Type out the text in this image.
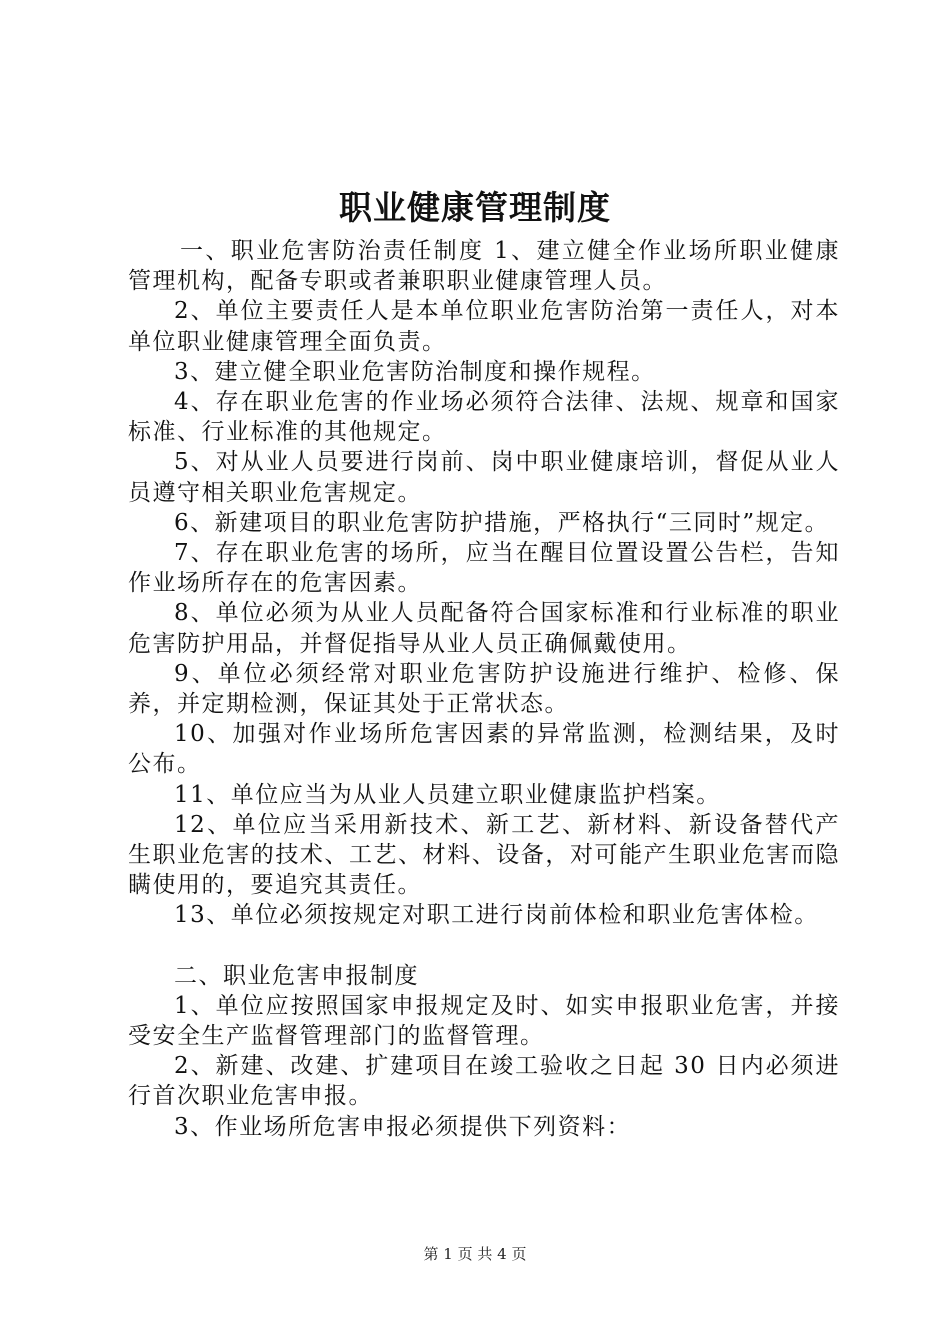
职业健康管理制度

一、职业危害防治责任制度 1、建立健全作业场所职业健康管理机构，配备专职或者兼职职业健康管理人员。

2、单位主要责任人是本单位职业危害防治第一责任人，对本单位职业健康管理全面负责。

3、建立健全职业危害防治制度和操作规程。

4、存在职业危害的作业场必须符合法律、法规、规章和国家标准、行业标准的其他规定。

5、对从业人员要进行岗前、岗中职业健康培训，督促从业人员遵守相关职业危害规定。

6、新建项目的职业危害防护措施，严格执行“三同时”规定。

7、存在职业危害的场所，应当在醒目位置设置公告栏，告知作业场所存在的危害因素。

8、单位必须为从业人员配备符合国家标准和行业标准的职业危害防护用品，并督促指导从业人员正确佩戴使用。

9、单位必须经常对职业危害防护设施进行维护、检修、保养，并定期检测，保证其处于正常状态。

10、加强对作业场所危害因素的异常监测，检测结果，及时公布。

11、单位应当为从业人员建立职业健康监护档案。

12、单位应当采用新技术、新工艺、新材料、新设备替代产生职业危害的技术、工艺、材料、设备，对可能产生职业危害而隐瞒使用的，要追究其责任。

13、单位必须按规定对职工进行岗前体检和职业危害体检。

二、职业危害申报制度

1、单位应按照国家申报规定及时、如实申报职业危害，并接受安全生产监督管理部门的监督管理。

2、新建、改建、扩建项目在竣工验收之日起 30 日内必须进行首次职业危害申报。

3、作业场所危害申报必须提供下列资料：

第 1 页 共 4 页
